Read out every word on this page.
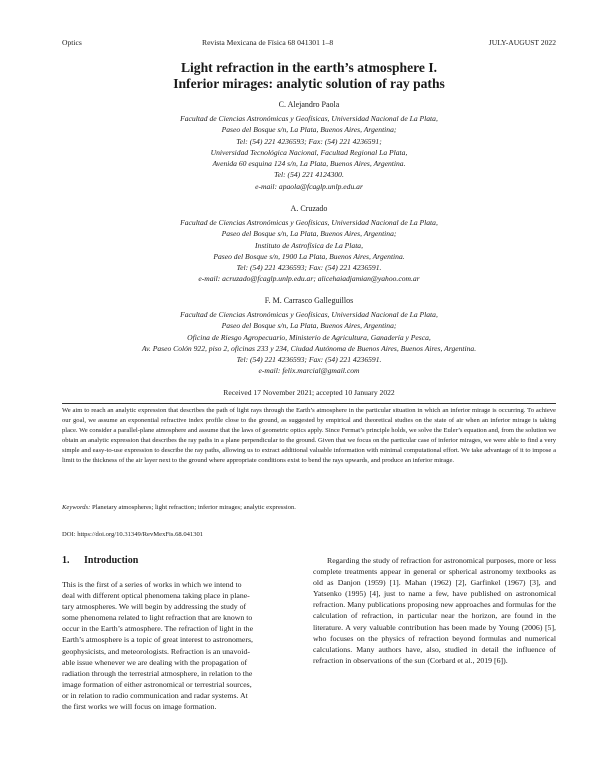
Optics	Revista Mexicana de Física 68 041301 1–8	JULY-AUGUST 2022
Light refraction in the earth’s atmosphere I.
Inferior mirages: analytic solution of ray paths
C. Alejandro Paola
Facultad de Ciencias Astronómicas y Geofísicas, Universidad Nacional de La Plata,
Paseo del Bosque s/n, La Plata, Buenos Aires, Argentina;
Tel: (54) 221 4236593; Fax: (54) 221 4236591;
Universidad Tecnológica Nacional, Facultad Regional La Plata,
Avenida 60 esquina 124 s/n, La Plata, Buenos Aires, Argentina.
Tel: (54) 221 4124300.
e-mail: apaola@fcaglp.unlp.edu.ar
A. Cruzado
Facultad de Ciencias Astronómicas y Geofísicas, Universidad Nacional de La Plata,
Paseo del Bosque s/n, La Plata, Buenos Aires, Argentina;
Instituto de Astrofísica de La Plata,
Paseo del Bosque s/n, 1900 La Plata, Buenos Aires, Argentina.
Tel: (54) 221 4236593; Fax: (54) 221 4236591.
e-mail: acruzado@fcaglp.unlp.edu.ar; alicehaiadjamian@yahoo.com.ar
F. M. Carrasco Galleguillos
Facultad de Ciencias Astronómicas y Geofísicas, Universidad Nacional de La Plata,
Paseo del Bosque s/n, La Plata, Buenos Aires, Argentina;
Oficina de Riesgo Agropecuario, Ministerio de Agricultura, Ganadería y Pesca,
Av. Paseo Colón 922, piso 2, oficinas 233 y 234, Ciudad Autónoma de Buenos Aires, Buenos Aires, Argentina.
Tel: (54) 221 4236593; Fax: (54) 221 4236591.
e-mail: felix.marcial@gmail.com
Received 17 November 2021; accepted 10 January 2022
We aim to reach an analytic expression that describes the path of light rays through the Earth’s atmosphere in the particular situation in which an inferior mirage is occurring. To achieve our goal, we assume an exponential refractive index profile close to the ground, as suggested by empirical and theoretical studies on the state of air when an inferior mirage is taking place. We consider a parallel-plane atmosphere and assume that the laws of geometric optics apply. Since Fermat’s principle holds, we solve the Euler’s equation and, from the solution we obtain an analytic expression that describes the ray paths in a plane perpendicular to the ground. Given that we focus on the particular case of inferior mirages, we were able to find a very simple and easy-to-use expression to describe the ray paths, allowing us to extract additional valuable information with minimal computational effort. We take advantage of it to impose a limit to the thickness of the air layer next to the ground where appropriate conditions exist to bend the rays upwards, and produce an inferior mirage.
Keywords: Planetary atmospheres; light refraction; inferior mirages; analytic expression.
DOI: https://doi.org/10.31349/RevMexFis.68.041301
1. Introduction
This is the first of a series of works in which we intend to
deal with different optical phenomena taking place in plane-
tary atmospheres. We will begin by addressing the study of
some phenomena related to light refraction that are known to
occur in the Earth’s atmosphere. The refraction of light in the
Earth’s atmosphere is a topic of great interest to astronomers,
geophysicists, and meteorologists. Refraction is an unavoid-
able issue whenever we are dealing with the propagation of
radiation through the terrestrial atmosphere, in relation to the
image formation of either astronomical or terrestrial sources,
or in relation to radio communication and radar systems. At
the first works we will focus on image formation.
Regarding the study of refraction for astronomical purposes, more or less complete treatments appear in general or spherical astronomy textbooks as old as Danjon (1959) [1]. Mahan (1962) [2], Garfinkel (1967) [3], and Yatsenko (1995) [4], just to name a few, have published on astronomical refraction. Many publications proposing new approaches and formulas for the calculation of refraction, in particular near the horizon, are found in the literature. A very valuable contribution has been made by Young (2006) [5], who focuses on the physics of refraction beyond formulas and numerical calculations. Many authors have, also, studied in detail the influence of refraction in observations of the sun (Corbard et al., 2019 [6]).
